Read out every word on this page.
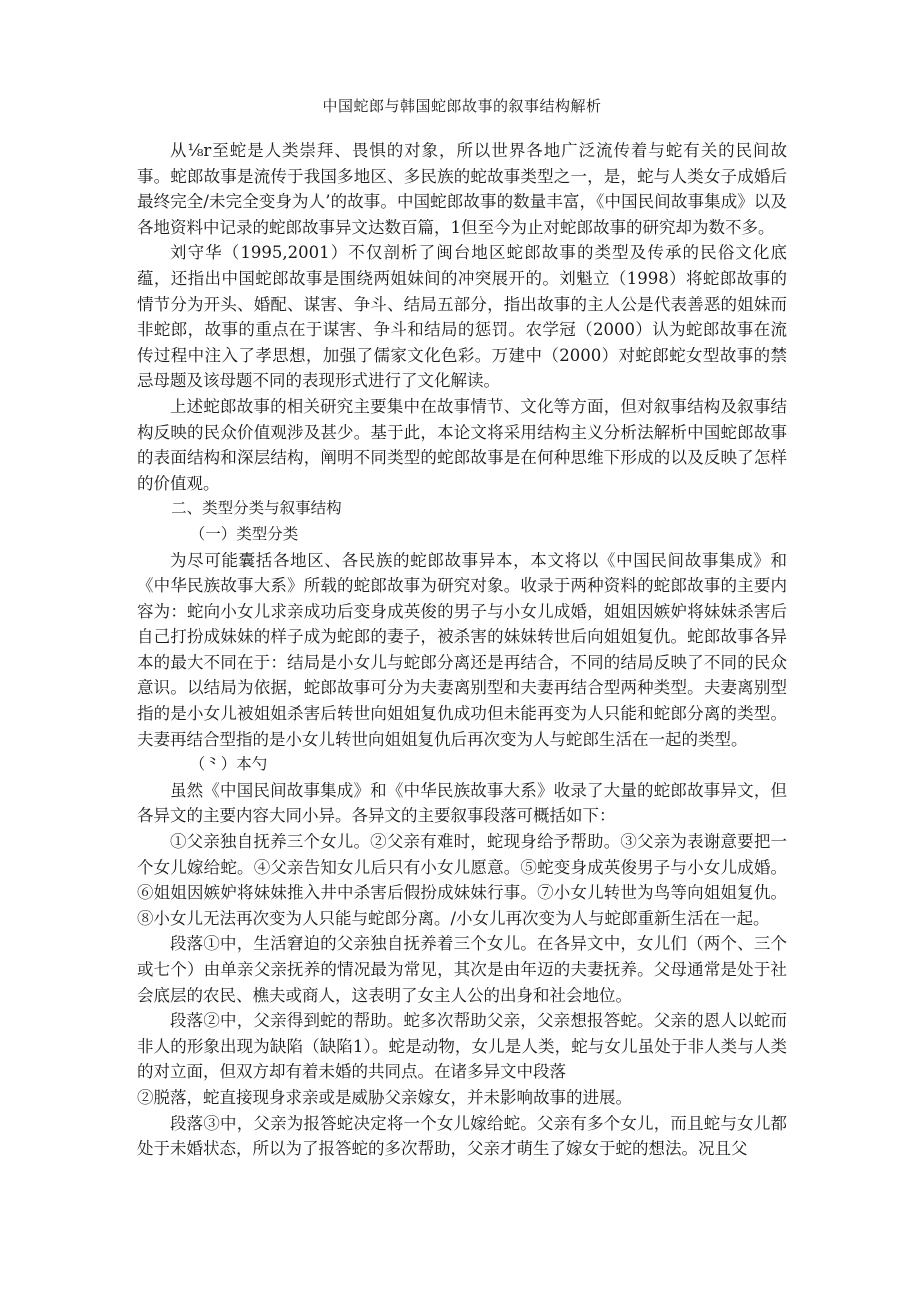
中国蛇郎与韩国蛇郎故事的叙事结构解析

从⅛r至蛇是人类崇拜、畏惧的对象，所以世界各地广泛流传着与蛇有关的民间故事。蛇郎故事是流传于我国多地区、多民族的蛇故事类型之一，是，蛇与人类女子成婚后最终完全/未完全变身为人’的故事。中国蛇郎故事的数量丰富，《中国民间故事集成》以及各地资料中记录的蛇郎故事异文达数百篇，1但至今为止对蛇郎故事的研究却为数不多。

刘守华（1995,2001）不仅剖析了闽台地区蛇郎故事的类型及传承的民俗文化底蕴，还指出中国蛇郎故事是围绕两姐妹间的冲突展开的。刘魁立（1998）将蛇郎故事的情节分为开头、婚配、谋害、争斗、结局五部分，指出故事的主人公是代表善恶的姐妹而非蛇郎，故事的重点在于谋害、争斗和结局的惩罚。农学冠（2000）认为蛇郎故事在流传过程中注入了孝思想，加强了儒家文化色彩。万建中（2000）对蛇郎蛇女型故事的禁忌母题及该母题不同的表现形式进行了文化解读。

上述蛇郎故事的相关研究主要集中在故事情节、文化等方面，但对叙事结构及叙事结构反映的民众价值观涉及甚少。基于此，本论文将采用结构主义分析法解析中国蛇郎故事的表面结构和深层结构，阐明不同类型的蛇郎故事是在何种思维下形成的以及反映了怎样的价值观。

二、类型分类与叙事结构
（一）类型分类

为尽可能囊括各地区、各民族的蛇郎故事异本，本文将以《中国民间故事集成》和《中华民族故事大系》所载的蛇郎故事为研究对象。收录于两种资料的蛇郎故事的主要内容为：蛇向小女儿求亲成功后变身成英俊的男子与小女儿成婚，姐姐因嫉妒将妹妹杀害后自己打扮成妹妹的样子成为蛇郎的妻子，被杀害的妹妹转世后向姐姐复仇。蛇郎故事各异本的最大不同在于：结局是小女儿与蛇郎分离还是再结合，不同的结局反映了不同的民众意识。以结局为依据，蛇郎故事可分为夫妻离别型和夫妻再结合型两种类型。夫妻离别型指的是小女儿被姐姐杀害后转世向姐姐复仇成功但未能再变为人只能和蛇郎分离的类型。夫妻再结合型指的是小女儿转世向姐姐复仇后再次变为人与蛇郎生活在一起的类型。

（⺀）本勺

虽然《中国民间故事集成》和《中华民族故事大系》收录了大量的蛇郎故事异文，但各异文的主要内容大同小异。各异文的主要叙事段落可概括如下：

①父亲独自抚养三个女儿。②父亲有难时，蛇现身给予帮助。③父亲为表谢意要把一个女儿嫁给蛇。④父亲告知女儿后只有小女儿愿意。⑤蛇变身成英俊男子与小女儿成婚。⑥姐姐因嫉妒将妹妹推入井中杀害后假扮成妹妹行事。⑦小女儿转世为鸟等向姐姐复仇。⑧小女儿无法再次变为人只能与蛇郎分离。/小女儿再次变为人与蛇郎重新生活在一起。

段落①中，生活窘迫的父亲独自抚养着三个女儿。在各异文中，女儿们（两个、三个或七个）由单亲父亲抚养的情况最为常见，其次是由年迈的夫妻抚养。父母通常是处于社会底层的农民、樵夫或商人，这表明了女主人公的出身和社会地位。

段落②中，父亲得到蛇的帮助。蛇多次帮助父亲，父亲想报答蛇。父亲的恩人以蛇而非人的形象出现为缺陷（缺陷1）。蛇是动物，女儿是人类，蛇与女儿虽处于非人类与人类的对立面，但双方却有着未婚的共同点。在诸多异文中段落

②脱落，蛇直接现身求亲或是威胁父亲嫁女，并未影响故事的进展。

段落③中，父亲为报答蛇决定将一个女儿嫁给蛇。父亲有多个女儿，而且蛇与女儿都处于未婚状态，所以为了报答蛇的多次帮助，父亲才萌生了嫁女于蛇的想法。况且父
